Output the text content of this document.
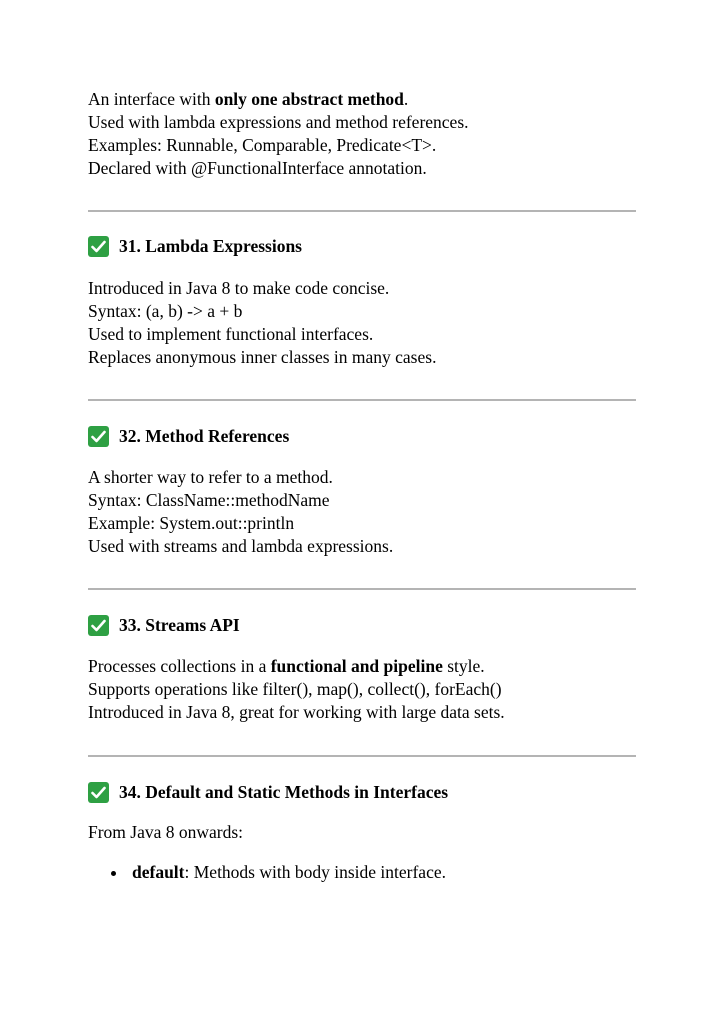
An interface with only one abstract method.

Used with lambda expressions and method references.

Examples: Runnable, Comparable, Predicate<T>.

Declared with @FunctionalInterface annotation.

31. Lambda Expressions

Introduced in Java 8 to make code concise.

Syntax: (a, b) -> a + b

Used to implement functional interfaces.

Replaces anonymous inner classes in many cases.

32. Method References

A shorter way to refer to a method.

Syntax: ClassName::methodName

Example: System.out::println

Used with streams and lambda expressions.

33. Streams API

Processes collections in a functional and pipeline style.

Supports operations like filter(), map(), collect(), forEach()

Introduced in Java 8, great for working with large data sets.

34. Default and Static Methods in Interfaces

From Java 8 onwards:

default: Methods with body inside interface.
